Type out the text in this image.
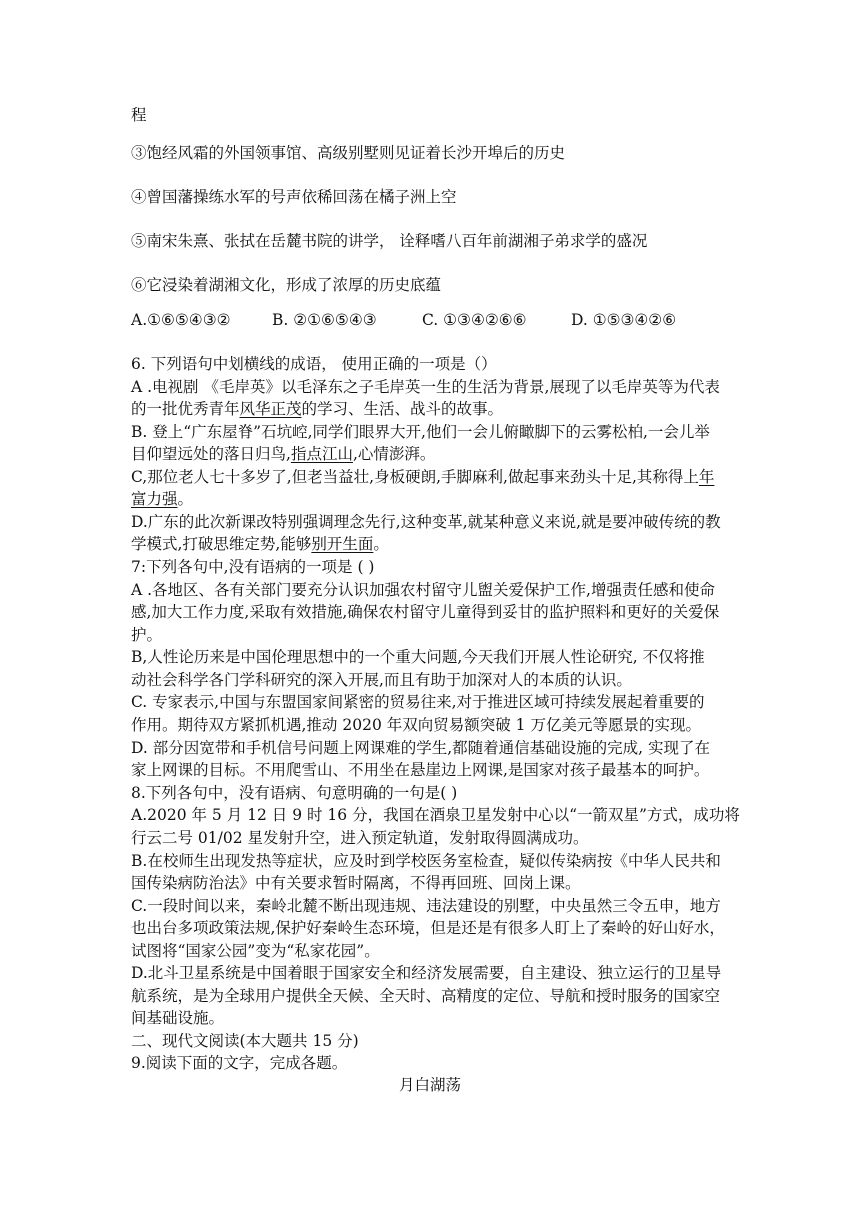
程
③饱经风霜的外国领事馆、高级别墅则见证着长沙开埠后的历史
④曾国藩操练水军的号声依稀回荡在橘子洲上空
⑤南宋朱熹、张拭在岳麓书院的讲学， 诠释嗜八百年前湖湘子弟求学的盛况
⑥它浸染着湖湘文化，形成了浓厚的历史底蕴
A.①⑥⑤④③②	B. ②①⑥⑤④③	C. ①③④②⑥⑥	D. ①⑤③④②⑥
6. 下列语句中划横线的成语， 使用正确的一项是（）
A .电视剧 《毛岸英》以毛泽东之子毛岸英一生的生活为背景,展现了以毛岸英等为代表
的一批优秀青年风华正茂的学习、生活、战斗的故事。
B. 登上“广东屋脊”石坑崆,同学们眼界大开,他们一会儿俯瞰脚下的云雾松柏,一会儿举
目仰望远处的落日归鸟,指点江山,心情澎湃。
C,那位老人七十多岁了,但老当益壮,身板硬朗,手脚麻利,做起事来劲头十足,其称得上年
富力强。
D.广东的此次新课改特别强调理念先行,这种变革,就某种意义来说,就是要冲破传统的教
学模式,打破思维定势,能够别开生面。
7:下列各句中,没有语病的一项是 ( )
A .各地区、各有关部门要充分认识加强农村留守儿盥关爱保护工作,增强责任感和使命
感,加大工作力度,采取有效措施,确保农村留守儿童得到妥甘的监护照料和更好的关爱保
护。
B,人性论历来是中国伦理思想中的一个重大问题,今天我们开展人性论研究, 不仅将推
动社会科学各门学科研究的深入开展,而且有助于加深对人的本质的认识。
C. 专家表示,中国与东盟国家间紧密的贸易往来,对于推进区域可持续发展起着重要的
作用。期待双方紧抓机遇,推动 2020 年双向贸易额突破 1 万亿美元等愿景的实现。
D. 部分因宽带和手机信号问题上网课难的学生,都随着通信基础设施的完成, 实现了在
家上网课的目标。不用爬雪山、不用坐在悬崖边上网课,是国家对孩子最基本的呵护。
8.下列各句中，没有语病、句意明确的一句是( )
A.2020 年 5 月 12 日 9 时 16 分，我国在酒泉卫星发射中心以“一箭双星”方式，成功将
行云二号 01/02 星发射升空，进入预定轨道，发射取得圆满成功。
B.在校师生出现发热等症状，应及时到学校医务室检查，疑似传染病按《中华人民共和
国传染病防治法》中有关要求暂时隔离，不得再回班、回岗上课。
C.一段时间以来，秦岭北麓不断出现违规、违法建设的别墅，中央虽然三令五申，地方
也出台多项政策法规,保护好秦岭生态环境，但是还是有很多人盯上了秦岭的好山好水，
试图将“国家公园”变为“私家花园”。
D.北斗卫星系统是中国着眼于国家安全和经济发展需要，自主建设、独立运行的卫星导
航系统，是为全球用户提供全天候、全天时、高精度的定位、导航和授时服务的国家空
间基础设施。
二、现代文阅读(本大题共 15 分)
9.阅读下面的文字，完成各题。
月白湖荡
